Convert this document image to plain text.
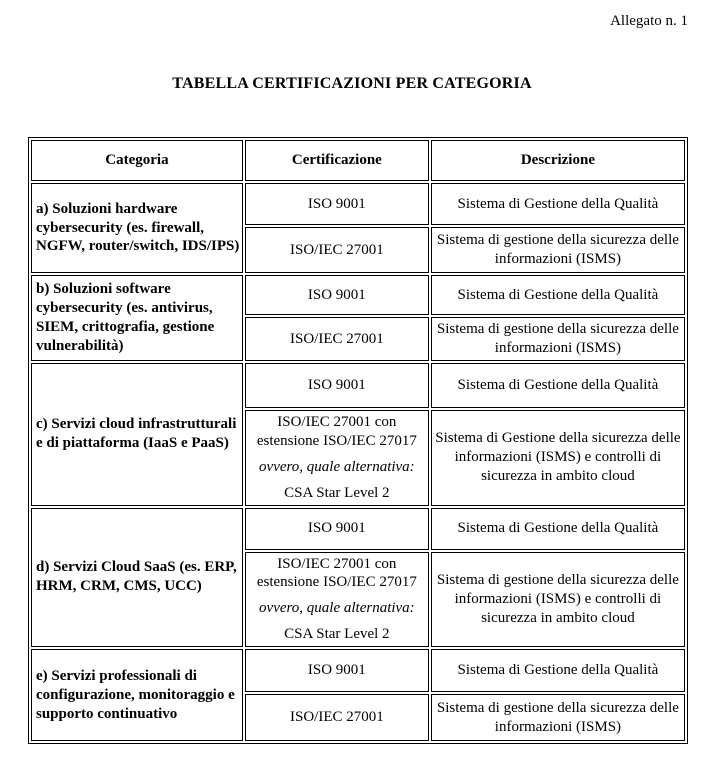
Allegato n. 1
TABELLA CERTIFICAZIONI PER CATEGORIA
Categoria	Certificazione	Descrizione
a) Soluzioni hardware cybersecurity (es. firewall, NGFW, router/switch, IDS/IPS)	ISO 9001	Sistema di Gestione della Qualità
	ISO/IEC 27001	Sistema di gestione della sicurezza delle informazioni (ISMS)
b) Soluzioni software cybersecurity (es. antivirus, SIEM, crittografia, gestione vulnerabilità)	ISO 9001	Sistema di Gestione della Qualità
	ISO/IEC 27001	Sistema di gestione della sicurezza delle informazioni (ISMS)
c) Servizi cloud infrastrutturali e di piattaforma (IaaS e PaaS)	ISO 9001	Sistema di Gestione della Qualità

	ISO/IEC 27001 con estensione ISO/IEC 27017
ovvero, quale alternativa:
CSA Star Level 2	Sistema di Gestione della sicurezza delle informazioni (ISMS) e controlli di sicurezza in ambito cloud
d) Servizi Cloud SaaS (es. ERP, HRM, CRM, CMS, UCC)	ISO 9001	Sistema di Gestione della Qualità

	ISO/IEC 27001 con estensione ISO/IEC 27017
ovvero, quale alternativa:
CSA Star Level 2	Sistema di gestione della sicurezza delle informazioni (ISMS) e controlli di sicurezza in ambito cloud
e) Servizi professionali di configurazione, monitoraggio e supporto continuativo	ISO 9001	Sistema di Gestione della Qualità
	ISO/IEC 27001	Sistema di gestione della sicurezza delle informazioni (ISMS)
